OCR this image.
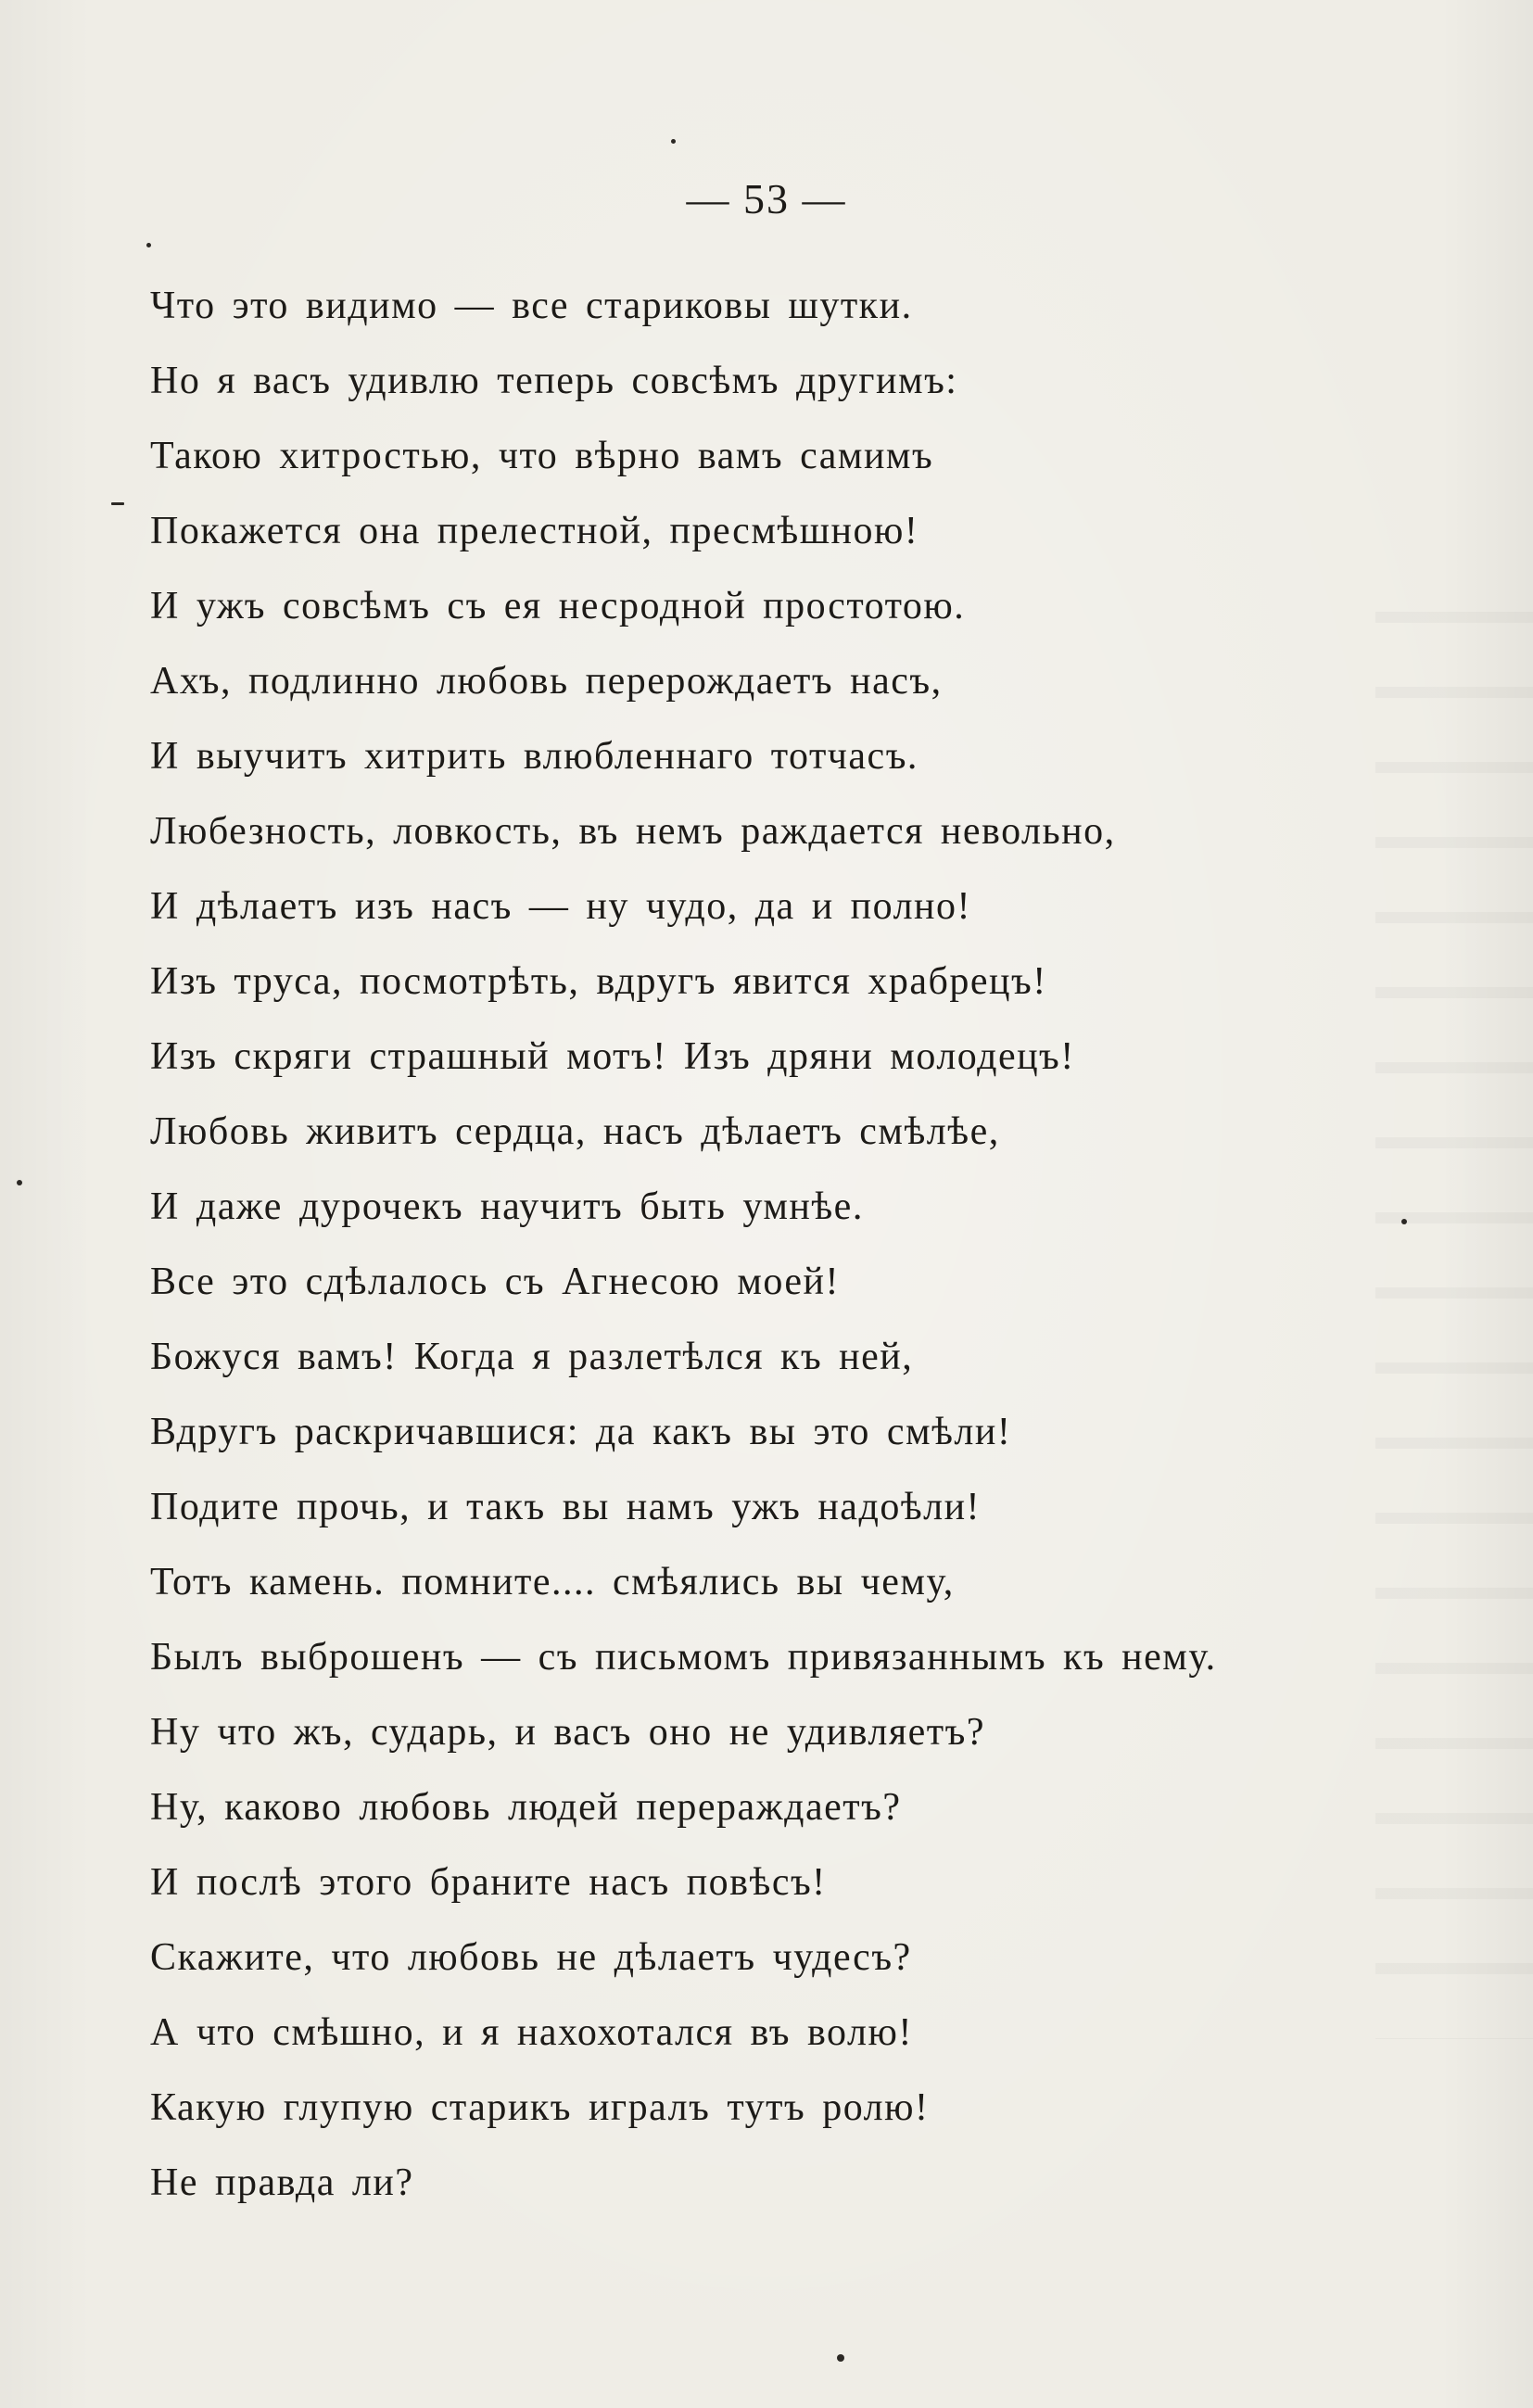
— 53 —
Что это видимо — все стариковы шутки.
Но я васъ удивлю теперь совсѣмъ другимъ:
Такою хитростью, что вѣрно вамъ самимъ
Покажется она прелестной, пресмѣшною!
И ужъ совсѣмъ съ ея несродной простотою.
Ахъ, подлинно любовь перерождаетъ насъ,
И выучитъ хитрить влюбленнаго тотчасъ.
Любезность, ловкость, въ немъ раждается невольно,
И дѣлаетъ изъ насъ — ну чудо, да и полно!
Изъ труса, посмотрѣть, вдругъ явится храбрецъ!
Изъ скряги страшный мотъ! Изъ дряни молодецъ!
Любовь живитъ сердца, насъ дѣлаетъ смѣлѣе,
И даже дурочекъ научитъ быть умнѣе.
Все это сдѣлалось съ Агнесою моей!
Божуся вамъ! Когда я разлетѣлся къ ней,
Вдругъ раскричавшися: да какъ вы это смѣли!
Подите прочь, и такъ вы намъ ужъ надоѣли!
Тотъ камень. помните.... смѣялись вы чему,
Былъ выброшенъ — съ письмомъ привязаннымъ къ нему.
Ну что жъ, сударь, и васъ оно не удивляетъ?
Ну, каково любовь людей перераждаетъ?
И послѣ этого браните насъ повѣсъ!
Скажите, что любовь не дѣлаетъ чудесъ?
А что смѣшно, и я нахохотался въ волю!
Какую глупую старикъ игралъ тутъ ролю!
Не правда ли?
